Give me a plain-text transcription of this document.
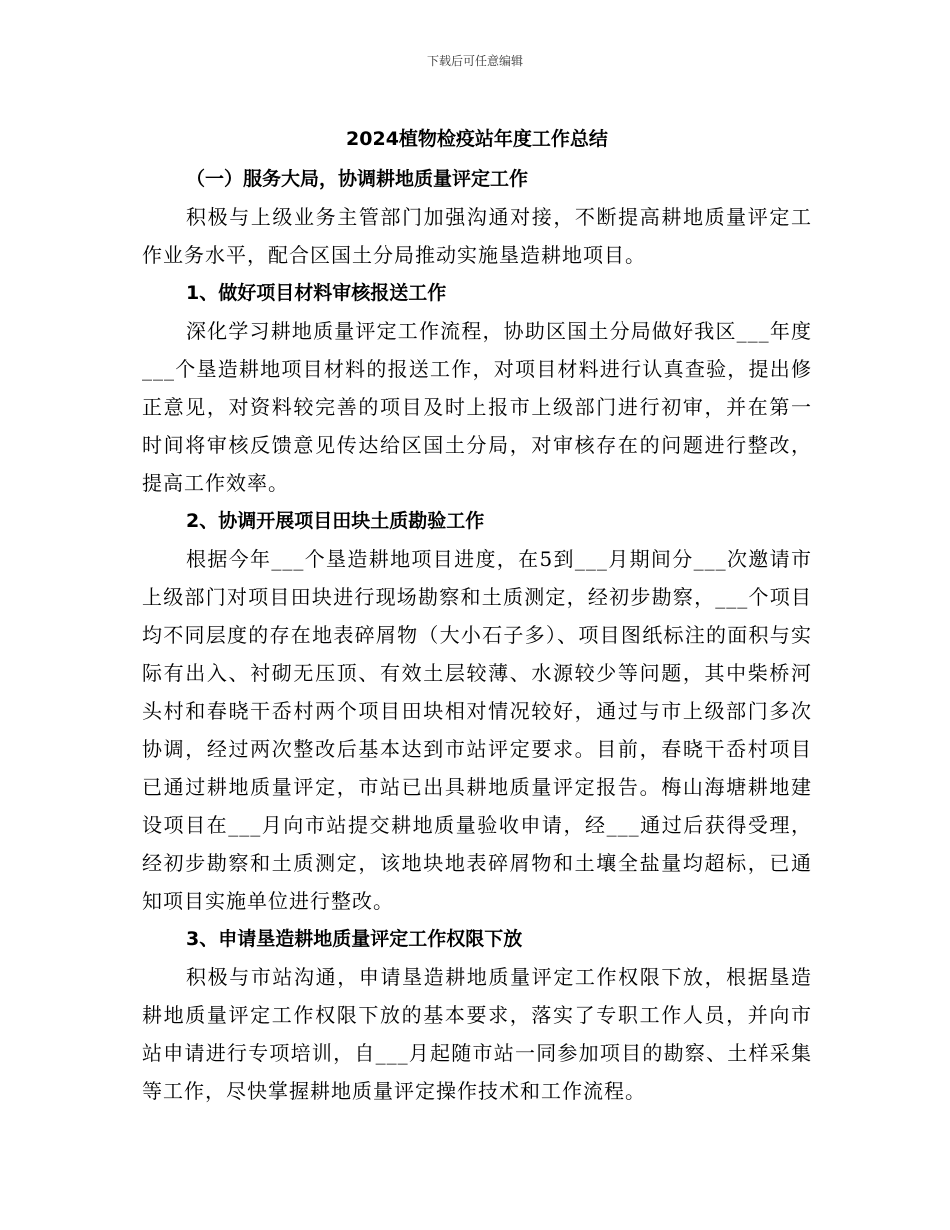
下载后可任意编辑
2024植物检疫站年度工作总结

（一）服务大局，协调耕地质量评定工作

积极与上级业务主管部门加强沟通对接，不断提高耕地质量评定工作业务水平，配合区国土分局推动实施垦造耕地项目。

1、做好项目材料审核报送工作

深化学习耕地质量评定工作流程，协助区国土分局做好我区___年度___个垦造耕地项目材料的报送工作，对项目材料进行认真查验，提出修正意见，对资料较完善的项目及时上报市上级部门进行初审，并在第一时间将审核反馈意见传达给区国土分局，对审核存在的问题进行整改，提高工作效率。

2、协调开展项目田块土质勘验工作

根据今年___个垦造耕地项目进度，在5到___月期间分___次邀请市上级部门对项目田块进行现场勘察和土质测定，经初步勘察，___个项目均不同层度的存在地表碎屑物（大小石子多）、项目图纸标注的面积与实际有出入、衬砌无压顶、有效土层较薄、水源较少等问题，其中柴桥河头村和春晓干岙村两个项目田块相对情况较好，通过与市上级部门多次协调，经过两次整改后基本达到市站评定要求。目前，春晓干岙村项目已通过耕地质量评定，市站已出具耕地质量评定报告。梅山海塘耕地建设项目在___月向市站提交耕地质量验收申请，经___通过后获得受理，经初步勘察和土质测定，该地块地表碎屑物和土壤全盐量均超标，已通知项目实施单位进行整改。

3、申请垦造耕地质量评定工作权限下放

积极与市站沟通，申请垦造耕地质量评定工作权限下放，根据垦造耕地质量评定工作权限下放的基本要求，落实了专职工作人员，并向市站申请进行专项培训，自___月起随市站一同参加项目的勘察、土样采集等工作，尽快掌握耕地质量评定操作技术和工作流程。
